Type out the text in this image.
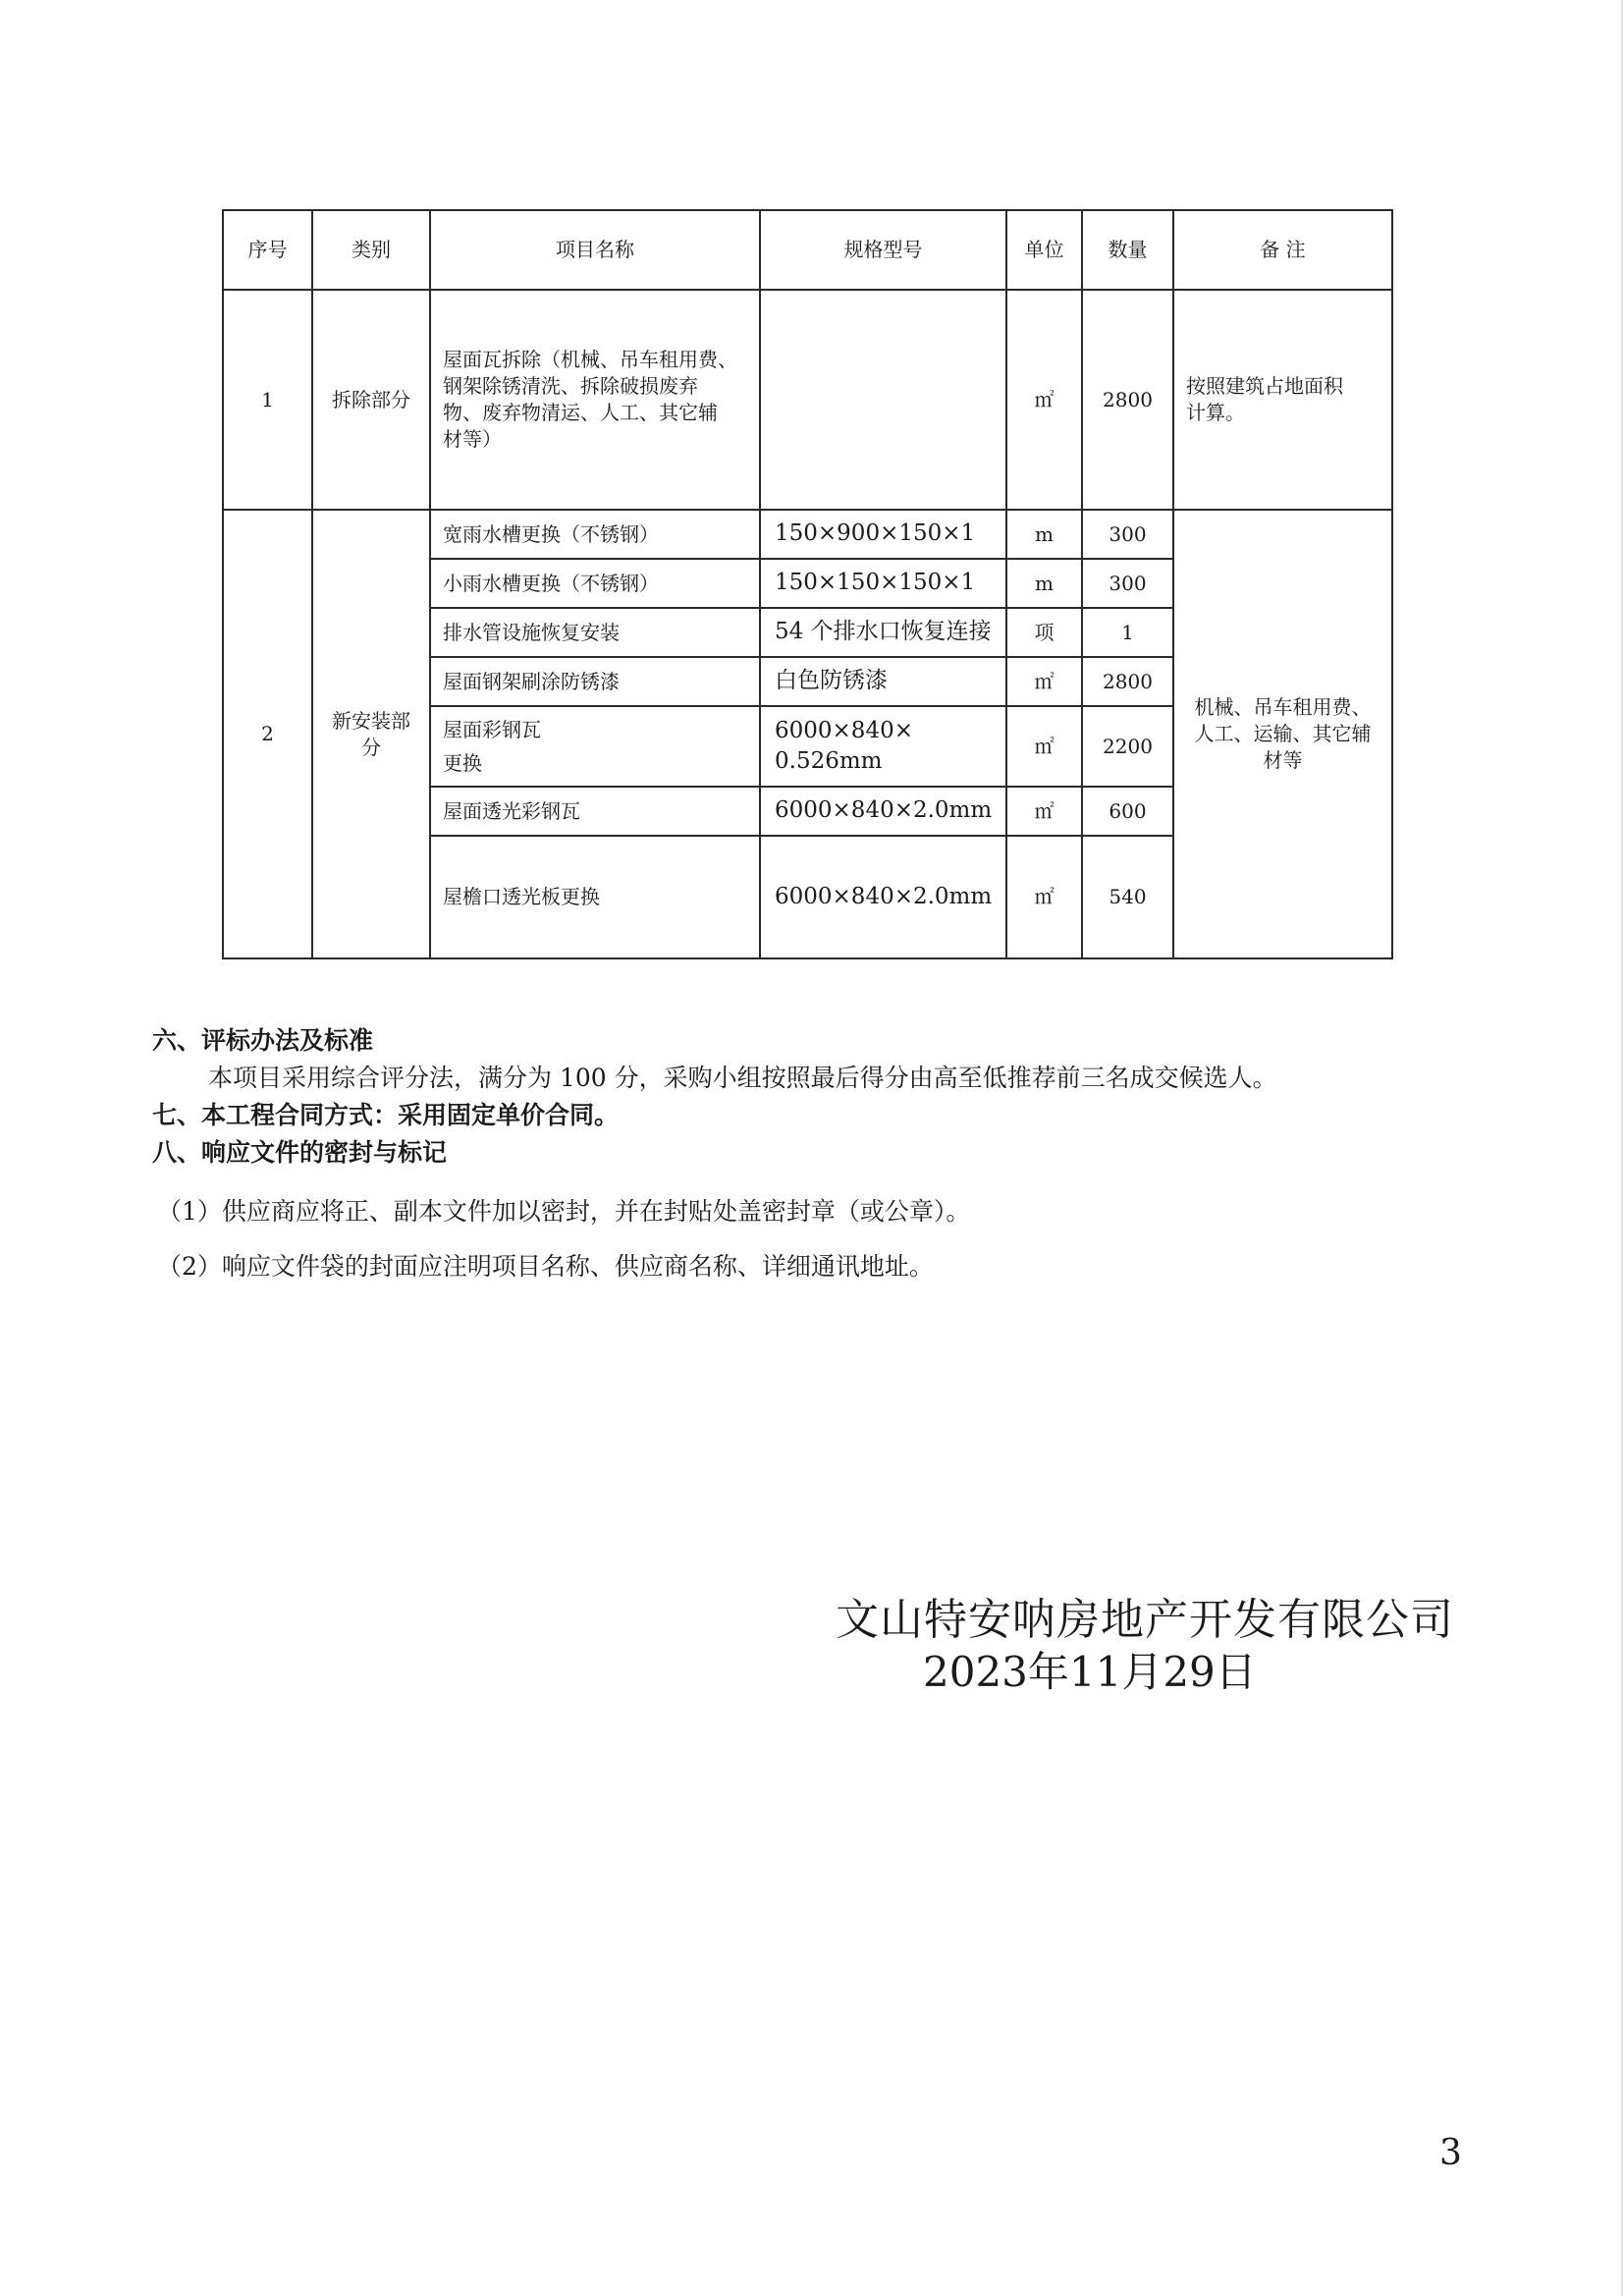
序号	类别	项目名称	规格型号	单位	数量	备 注
1	拆除部分	屋面瓦拆除（机械、吊车租用费、
钢架除锈清洗、拆除破损废弃
物、废弃物清运、人工、其它辅
材等）		㎡	2800	按照建筑占地面积
计算。
2	新安装部
分	宽雨水槽更换（不锈钢）	150×900×150×1	m	300	机械、吊车租用费、
人工、运输、其它辅
材等
		小雨水槽更换（不锈钢）	150×150×150×1	m	300	
		排水管设施恢复安装	54 个排水口恢复连接	项	1	
		屋面钢架刷涂防锈漆	白色防锈漆	㎡	2800	
		屋面彩钢瓦
更换	6000×840×
0.526mm	㎡	2200	
		屋面透光彩钢瓦	6000×840×2.0mm	㎡	600	
		屋檐口透光板更换	6000×840×2.0mm	㎡	540	
六、评标办法及标准
本项目采用综合评分法，满分为 100 分，采购小组按照最后得分由高至低推荐前三名成交候选人。
七、本工程合同方式：采用固定单价合同。
八、响应文件的密封与标记
（1）供应商应将正、副本文件加以密封，并在封贴处盖密封章（或公章）。
（2）响应文件袋的封面应注明项目名称、供应商名称、详细通讯地址。
文山特安呐房地产开发有限公司
2023年11月29日
3
